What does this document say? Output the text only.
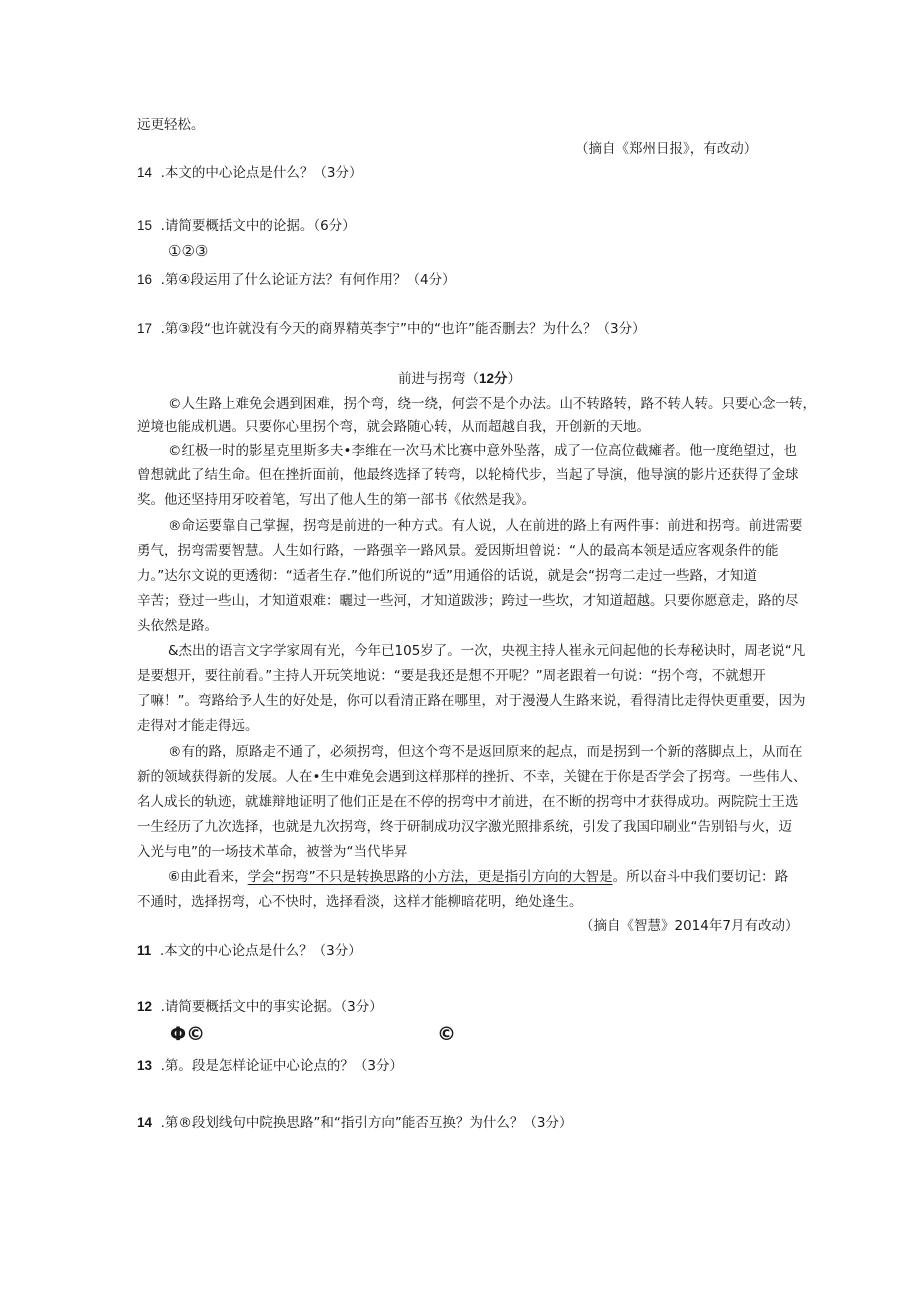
远更轻松。
（摘自《郑州日报》，有改动）
14 .本文的中心论点是什么？（3分）
15 .请简要概括文中的论据。（6分）
①②③
16 .第④段运用了什么论证方法？有何作用？（4分）
17 .第③段“也许就没有今天的商界精英李宁”中的“也许”能否删去？为什么？（3分）
前进与拐弯（12分）
©人生路上难免会遇到困难，拐个弯，绕一绕，何尝不是个办法。山不转路转，路不转人转。只要心念一转，
逆境也能成机遇。只要你心里拐个弯，就会路随心转，从而超越自我，开创新的天地。
©红极一时的影星克里斯多夫•李维在一次马术比赛中意外坠落，成了一位高位截瘫者。他一度绝望过，也
曾想就此了结生命。但在挫折面前，他最终选择了转弯，以轮椅代步，当起了导演，他导演的影片还获得了金球
奖。他还坚持用牙咬着笔，写出了他人生的第一部书《依然是我》。
®命运要靠自己掌握，拐弯是前进的一种方式。有人说，人在前进的路上有两件事：前进和拐弯。前进需要
勇气，拐弯需要智慧。人生如行路，一路强辛一路风景。爱因斯坦曾说：“人的最高本领是适应客观条件的能
力。”达尔文说的更透彻：“适者生存.”他们所说的“适”用通俗的话说，就是会“拐弯二走过一些路，才知道
辛苦；登过一些山，才知道艰难：曬过一些河，才知道跋涉；跨过一些坎，才知道超越。只要你愿意走，路的尽
头依然是路。
&杰出的语言文字学家周有光，今年已105岁了。一次，央视主持人崔永元问起他的长寿秘诀时，周老说“凡
是要想开，要往前看。”主持人开玩笑地说：“要是我还是想不开呢？”周老跟着一句说：“拐个弯，不就想开
了嘛！”。弯路给予人生的好处是，你可以看清正路在哪里，对于漫漫人生路来说，看得清比走得快更重要，因为
走得对才能走得远。
®有的路，原路走不通了，必须拐弯，但这个弯不是返回原来的起点，而是拐到一个新的落脚点上，从而在
新的领域获得新的发展。人在•生中难免会遇到这样那样的挫折、不幸，关键在于你是否学会了拐弯。一些伟人、
名人成长的轨迹，就雄辩地证明了他们正是在不停的拐弯中才前进，在不断的拐弯中才获得成功。两院院士王选
一生经历了九次选择，也就是九次拐弯，终于研制成功汉字激光照排系统，引发了我国印刷业“告别铅与火，迈
入光与电”的一场技术革命，被誉为“当代毕昇
⑥由此看来，学会“拐弯”不只是转换思路的小方法，更是指引方向的大智是。所以奋斗中我们要切记：路
不通时，选择拐弯，心不快时，选择看淡，这样才能柳暗花明，绝处逢生。
（摘自《智慧》2014年7月有改动）
11 .本文的中心论点是什么？（3分）
12 .请简要概括文中的事实论据。（3分）
Φ©	©
13 .第。段是怎样论证中心论点的？（3分）
14 .第®段划线句中院换思路”和“指引方向”能否互换？为什么？（3分）
